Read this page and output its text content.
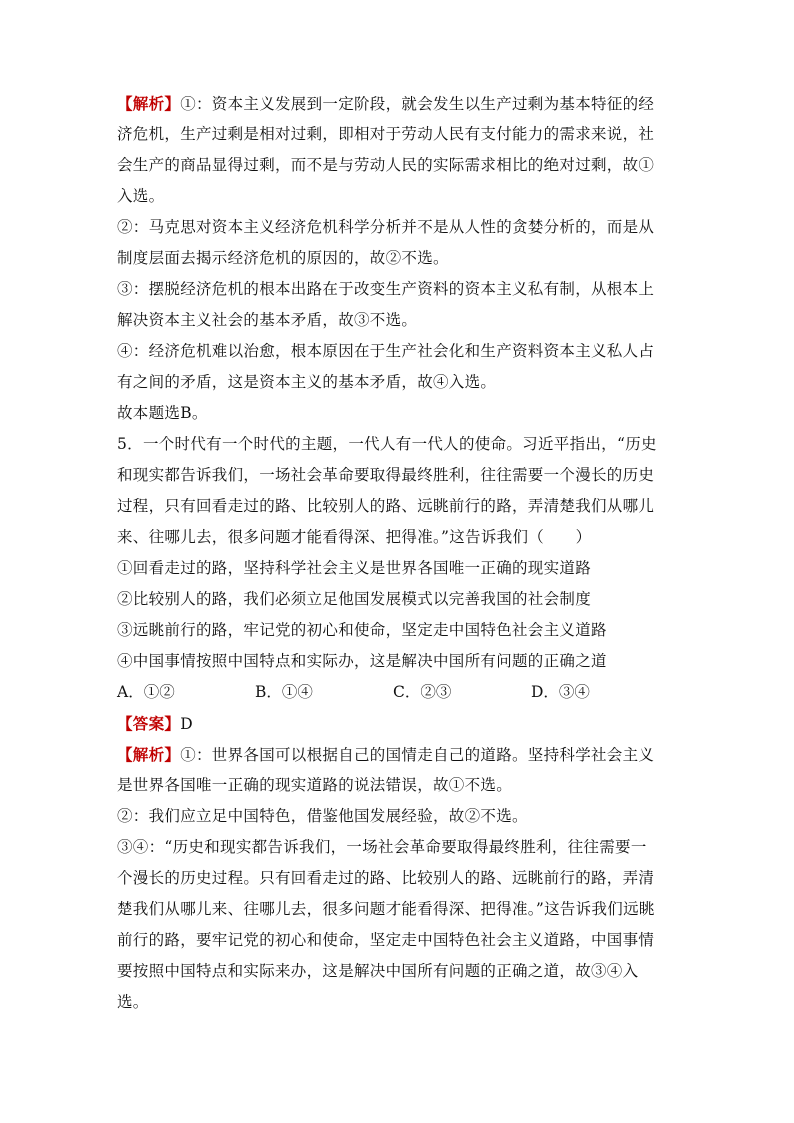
【解析】①：资本主义发展到一定阶段，就会发生以生产过剩为基本特征的经
济危机，生产过剩是相对过剩，即相对于劳动人民有支付能力的需求来说，社
会生产的商品显得过剩，而不是与劳动人民的实际需求相比的绝对过剩，故①
入选。
②：马克思对资本主义经济危机科学分析并不是从人性的贪婪分析的，而是从
制度层面去揭示经济危机的原因的，故②不选。
③：摆脱经济危机的根本出路在于改变生产资料的资本主义私有制，从根本上
解决资本主义社会的基本矛盾，故③不选。
④：经济危机难以治愈，根本原因在于生产社会化和生产资料资本主义私人占
有之间的矛盾，这是资本主义的基本矛盾，故④入选。
故本题选B。
5．一个时代有一个时代的主题，一代人有一代人的使命。习近平指出，“历史
和现实都告诉我们，一场社会革命要取得最终胜利，往往需要一个漫长的历史
过程，只有回看走过的路、比较别人的路、远眺前行的路，弄清楚我们从哪儿
来、往哪儿去，很多问题才能看得深、把得准。”这告诉我们（　　）
①回看走过的路，坚持科学社会主义是世界各国唯一正确的现实道路
②比较别人的路，我们必须立足他国发展模式以完善我国的社会制度
③远眺前行的路，牢记党的初心和使命，坚定走中国特色社会主义道路
④中国事情按照中国特点和实际办，这是解决中国所有问题的正确之道
A．①②	B．①④	C．②③	D．③④
【答案】D
【解析】①：世界各国可以根据自己的国情走自己的道路。坚持科学社会主义
是世界各国唯一正确的现实道路的说法错误，故①不选。
②：我们应立足中国特色，借鉴他国发展经验，故②不选。
③④：“历史和现实都告诉我们，一场社会革命要取得最终胜利，往往需要一
个漫长的历史过程。只有回看走过的路、比较别人的路、远眺前行的路，弄清
楚我们从哪儿来、往哪儿去，很多问题才能看得深、把得准。”这告诉我们远眺
前行的路，要牢记党的初心和使命，坚定走中国特色社会主义道路，中国事情
要按照中国特点和实际来办，这是解决中国所有问题的正确之道，故③④入
选。
